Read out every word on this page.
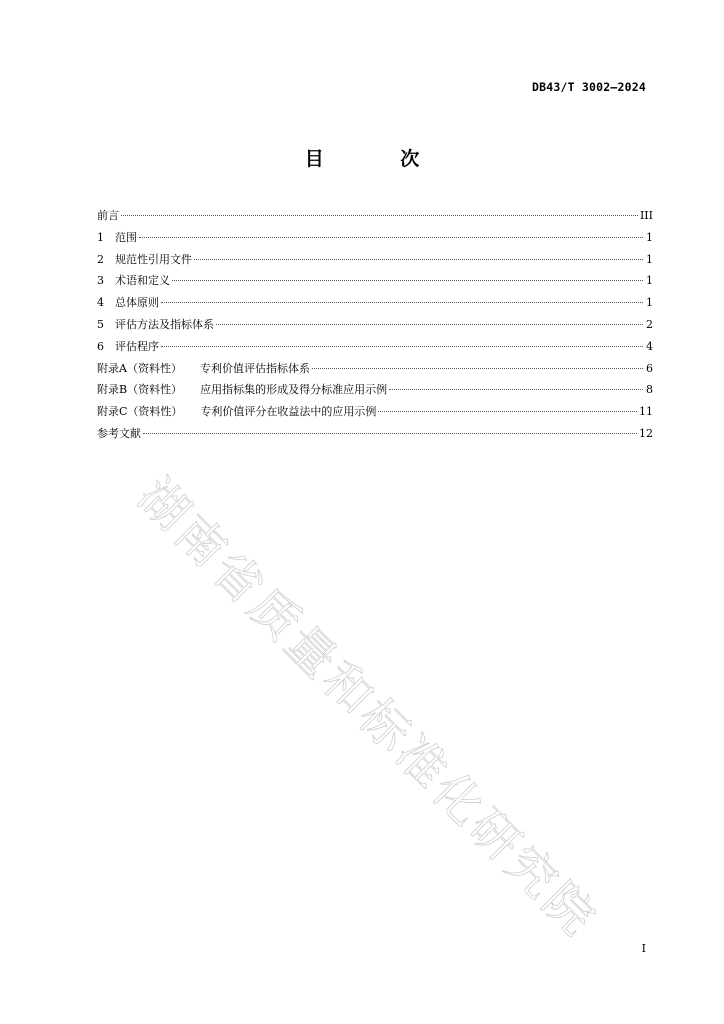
DB43/T 3002—2024
目 次
前言	III
1 范围	1
2 规范性引用文件	1
3 术语和定义	1
4 总体原则	1
5 评估方法及指标体系	2
6 评估程序	4
附录A（资料性） 专利价值评估指标体系	6
附录B（资料性） 应用指标集的形成及得分标准应用示例	8
附录C（资料性） 专利价值评分在收益法中的应用示例	11
参考文献	12
湖南省质量和标准化研究院	I
